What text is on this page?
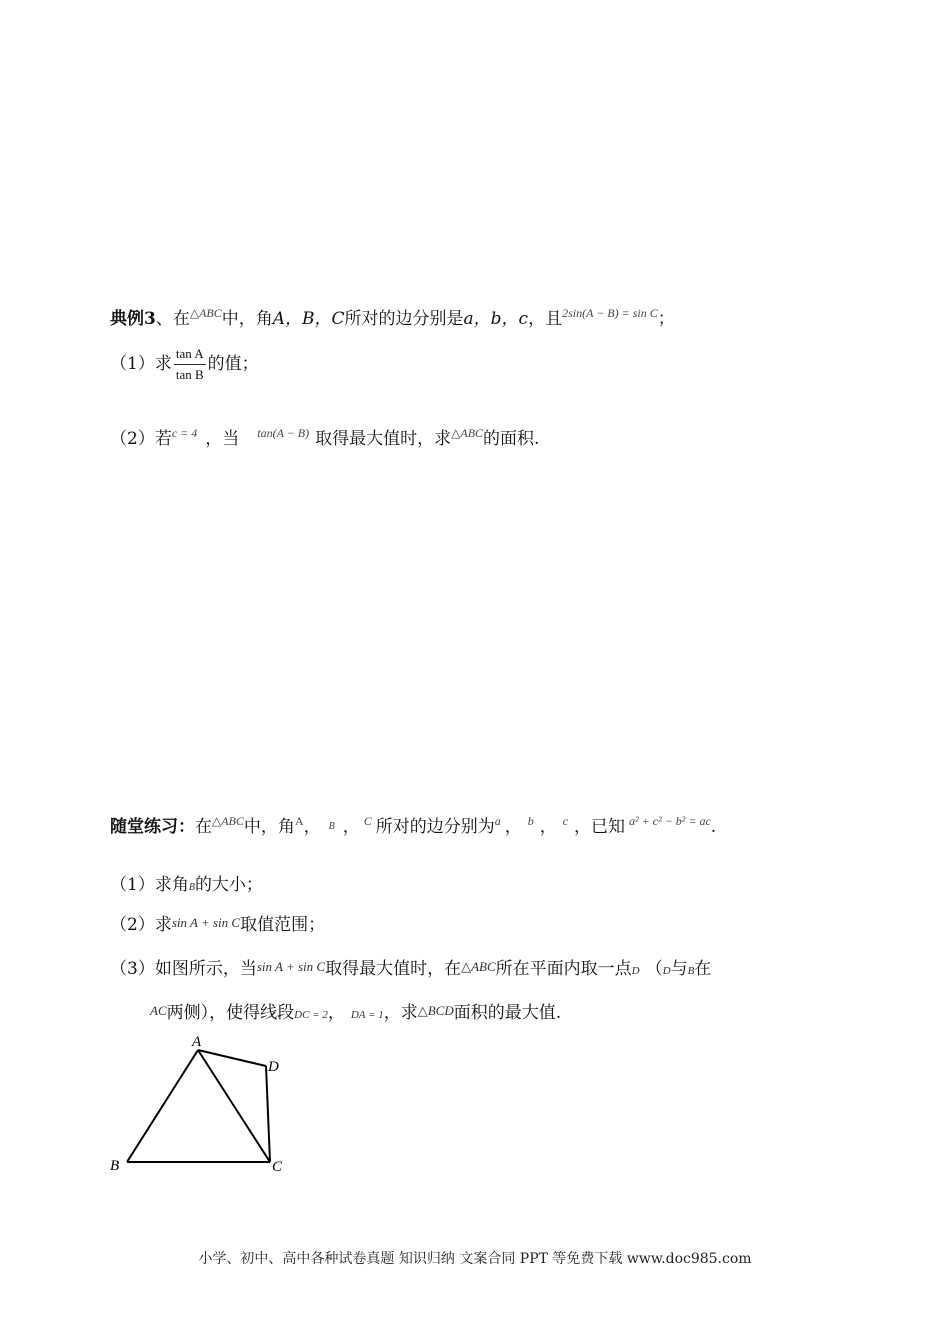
典例3、在$^{\triangle ABC}$中，角A，B，C所对的边分别是a，b，c，且$^{2sin(A - B) = sin C}$；
（1）求 $\frac{\text{tan A}}{\text{tan B}}$ 的值；
（2）若$^{c = 4}$ ，当 $^{tan(A - B)}$ 取得最大值时，求$^{\triangle ABC}$的面积.
随堂练习：在$^{\triangle ABC}$中，角$^A$， B ， $^C$ 所对的边分别为$^a$ ， $^b$ ， $^c$ ，已知 $^{a^2 + c^2 - b^2 = ac}$.
（1）求角B的大小；
（2）求sin A + sin C取值范围；
（3）如图所示，当sin A + sin C取得最大值时，在△ABC所在平面内取一点D （D与B在
AC两侧），使得线段DC = 2， DA = 1，求△BCD面积的最大值.
A
B	C
D
小学、初中、高中各种试卷真题 知识归纳 文案合同 PPT 等免费下载 www.doc985.com
